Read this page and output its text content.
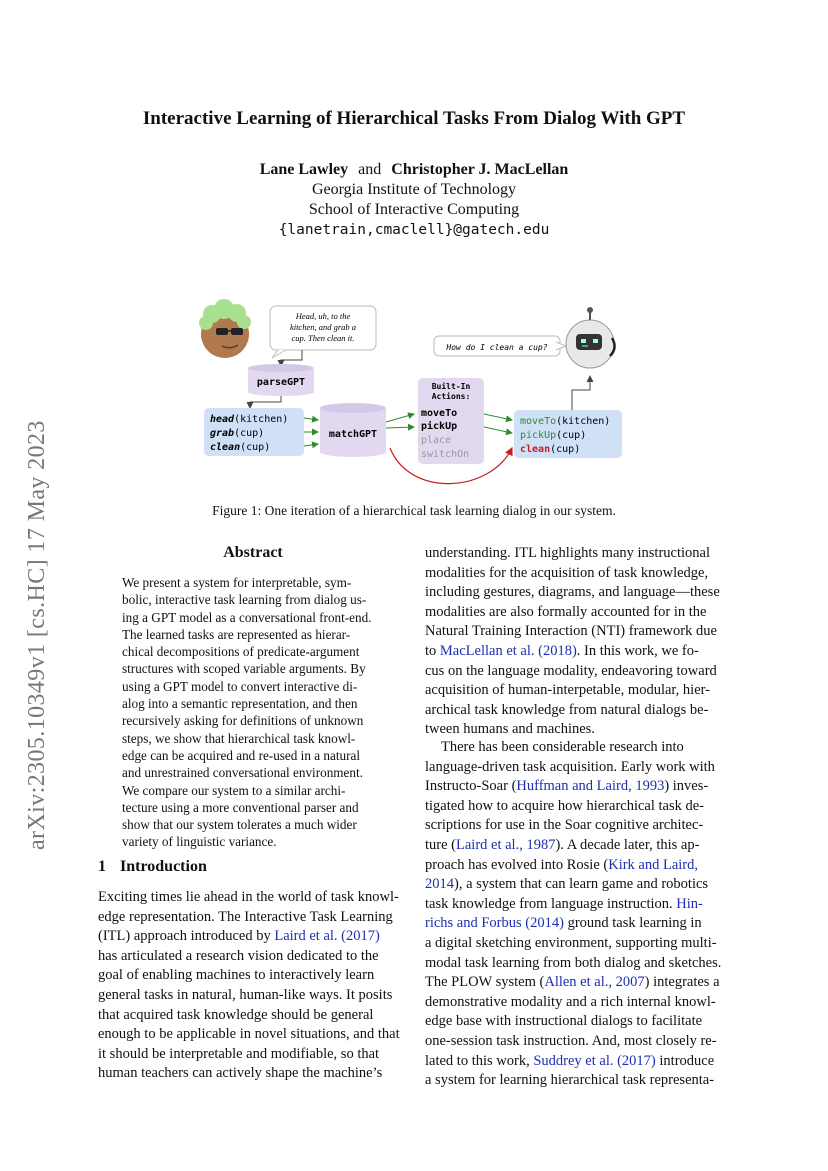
arXiv:2305.10349v1 [cs.HC] 17 May 2023
Interactive Learning of Hierarchical Tasks From Dialog With GPT
Lane Lawley and Christopher J. MacLellan
Georgia Institute of Technology
School of Interactive Computing
{lanetrain,cmaclell}@gatech.edu
Head, uh, to the
kitchen, and grab a
cup. Then clean it.
parseGPT
head(kitchen)
grab(cup)
clean(cup)
matchGPT
Built-In
Actions:
moveTo
pickUp
place
switchOn
moveTo(kitchen)
pickUp(cup)
clean(cup)
How do I clean a cup?
Figure 1: One iteration of a hierarchical task learning dialog in our system.
Abstract
We present a system for interpretable, sym-
bolic, interactive task learning from dialog us-
ing a GPT model as a conversational front-end.
The learned tasks are represented as hierar-
chical decompositions of predicate-argument
structures with scoped variable arguments. By
using a GPT model to convert interactive di-
alog into a semantic representation, and then
recursively asking for definitions of unknown
steps, we show that hierarchical task knowl-
edge can be acquired and re-used in a natural
and unrestrained conversational environment.
We compare our system to a similar archi-
tecture using a more conventional parser and
show that our system tolerates a much wider
variety of linguistic variance.
1 Introduction
Exciting times lie ahead in the world of task knowl-
edge representation. The Interactive Task Learning
(ITL) approach introduced by Laird et al. (2017)
has articulated a research vision dedicated to the
goal of enabling machines to interactively learn
general tasks in natural, human-like ways. It posits
that acquired task knowledge should be general
enough to be applicable in novel situations, and that
it should be interpretable and modifiable, so that
human teachers can actively shape the machine’s
understanding. ITL highlights many instructional
modalities for the acquisition of task knowledge,
including gestures, diagrams, and language—these
modalities are also formally accounted for in the
Natural Training Interaction (NTI) framework due
to MacLellan et al. (2018). In this work, we fo-
cus on the language modality, endeavoring toward
acquisition of human-interpetable, modular, hier-
archical task knowledge from natural dialogs be-
tween humans and machines.
There has been considerable research into
language-driven task acquisition. Early work with
Instructo-Soar (Huffman and Laird, 1993) inves-
tigated how to acquire how hierarchical task de-
scriptions for use in the Soar cognitive architec-
ture (Laird et al., 1987). A decade later, this ap-
proach has evolved into Rosie (Kirk and Laird,
2014), a system that can learn game and robotics
task knowledge from language instruction. Hin-
richs and Forbus (2014) ground task learning in
a digital sketching environment, supporting multi-
modal task learning from both dialog and sketches.
The PLOW system (Allen et al., 2007) integrates a
demonstrative modality and a rich internal knowl-
edge base with instructional dialogs to facilitate
one-session task instruction. And, most closely re-
lated to this work, Suddrey et al. (2017) introduce
a system for learning hierarchical task representa-
